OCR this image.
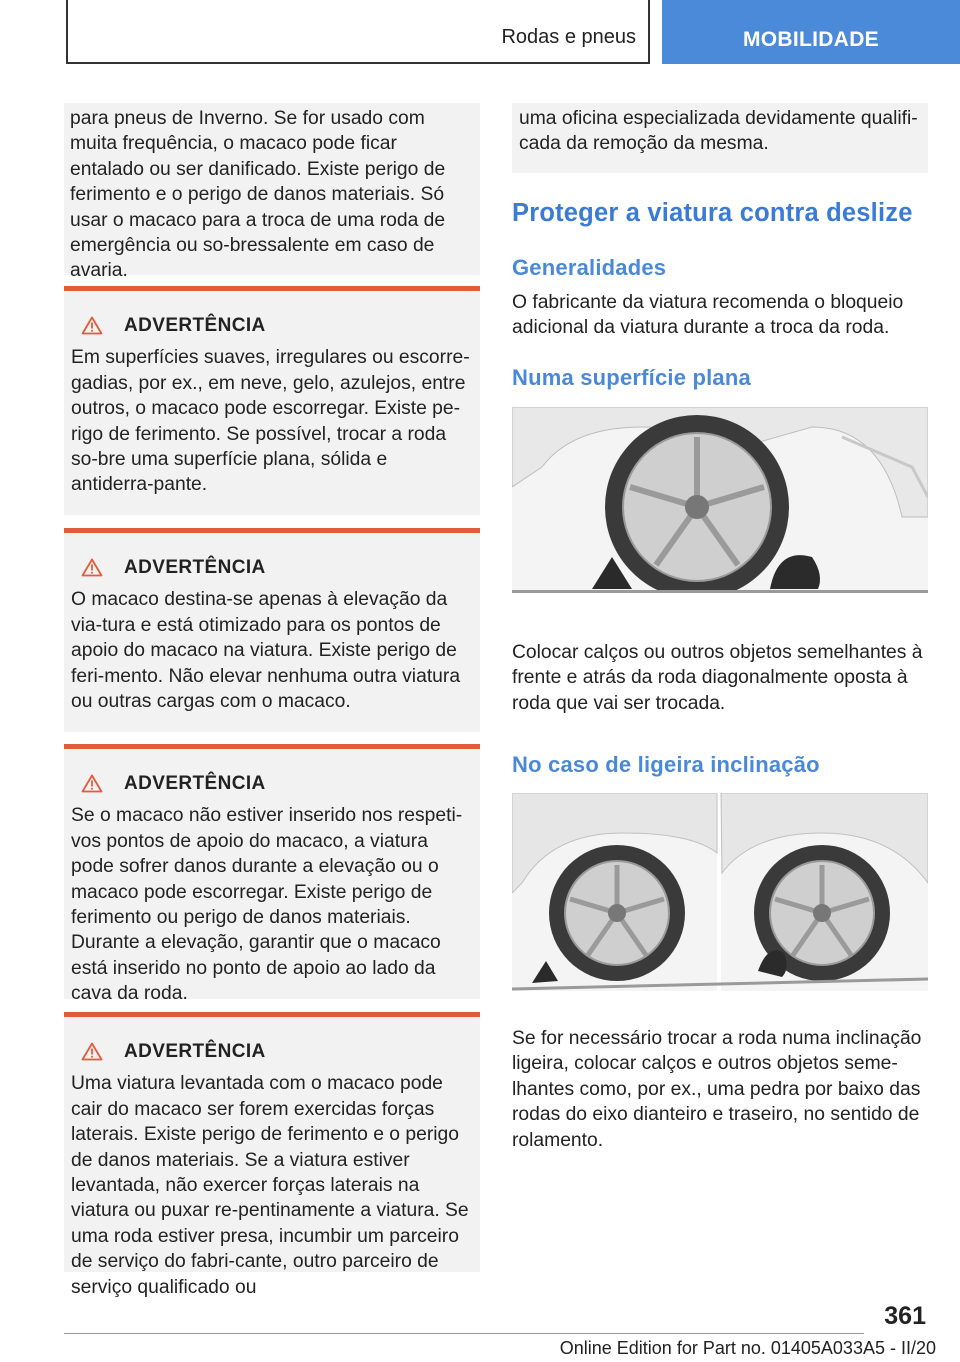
Rodas e pneus	MOBILIDADE
para pneus de Inverno. Se for usado com muita frequência, o macaco pode ficar entalado ou ser danificado. Existe perigo de ferimento e o perigo de danos materiais. Só usar o macaco para a troca de uma roda de emergência ou so-bressalente em caso de avaria.
ADVERTÊNCIA
Em superfícies suaves, irregulares ou escorre-gadias, por ex., em neve, gelo, azulejos, entre outros, o macaco pode escorregar. Existe pe-rigo de ferimento. Se possível, trocar a roda so-bre uma superfície plana, sólida e antiderra-pante.
ADVERTÊNCIA
O macaco destina-se apenas à elevação da via-tura e está otimizado para os pontos de apoio do macaco na viatura. Existe perigo de feri-mento. Não elevar nenhuma outra viatura ou outras cargas com o macaco.
ADVERTÊNCIA
Se o macaco não estiver inserido nos respeti-vos pontos de apoio do macaco, a viatura pode sofrer danos durante a elevação ou o macaco pode escorregar. Existe perigo de ferimento ou perigo de danos materiais. Durante a elevação, garantir que o macaco está inserido no ponto de apoio ao lado da cava da roda.
ADVERTÊNCIA
Uma viatura levantada com o macaco pode cair do macaco ser forem exercidas forças laterais. Existe perigo de ferimento e o perigo de danos materiais. Se a viatura estiver levantada, não exercer forças laterais na viatura ou puxar re-pentinamente a viatura. Se uma roda estiver presa, incumbir um parceiro de serviço do fabri-cante, outro parceiro de serviço qualificado ou
uma oficina especializada devidamente qualifi-cada da remoção da mesma.
Proteger a viatura contra deslize
Generalidades
O fabricante da viatura recomenda o bloqueio adicional da viatura durante a troca da roda.
Numa superfície plana
Colocar calços ou outros objetos semelhantes à frente e atrás da roda diagonalmente oposta à roda que vai ser trocada.
No caso de ligeira inclinação
Se for necessário trocar a roda numa inclinação ligeira, colocar calços e outros objetos seme-lhantes como, por ex., uma pedra por baixo das rodas do eixo dianteiro e traseiro, no sentido de rolamento.
361
Online Edition for Part no. 01405A033A5 - II/20
